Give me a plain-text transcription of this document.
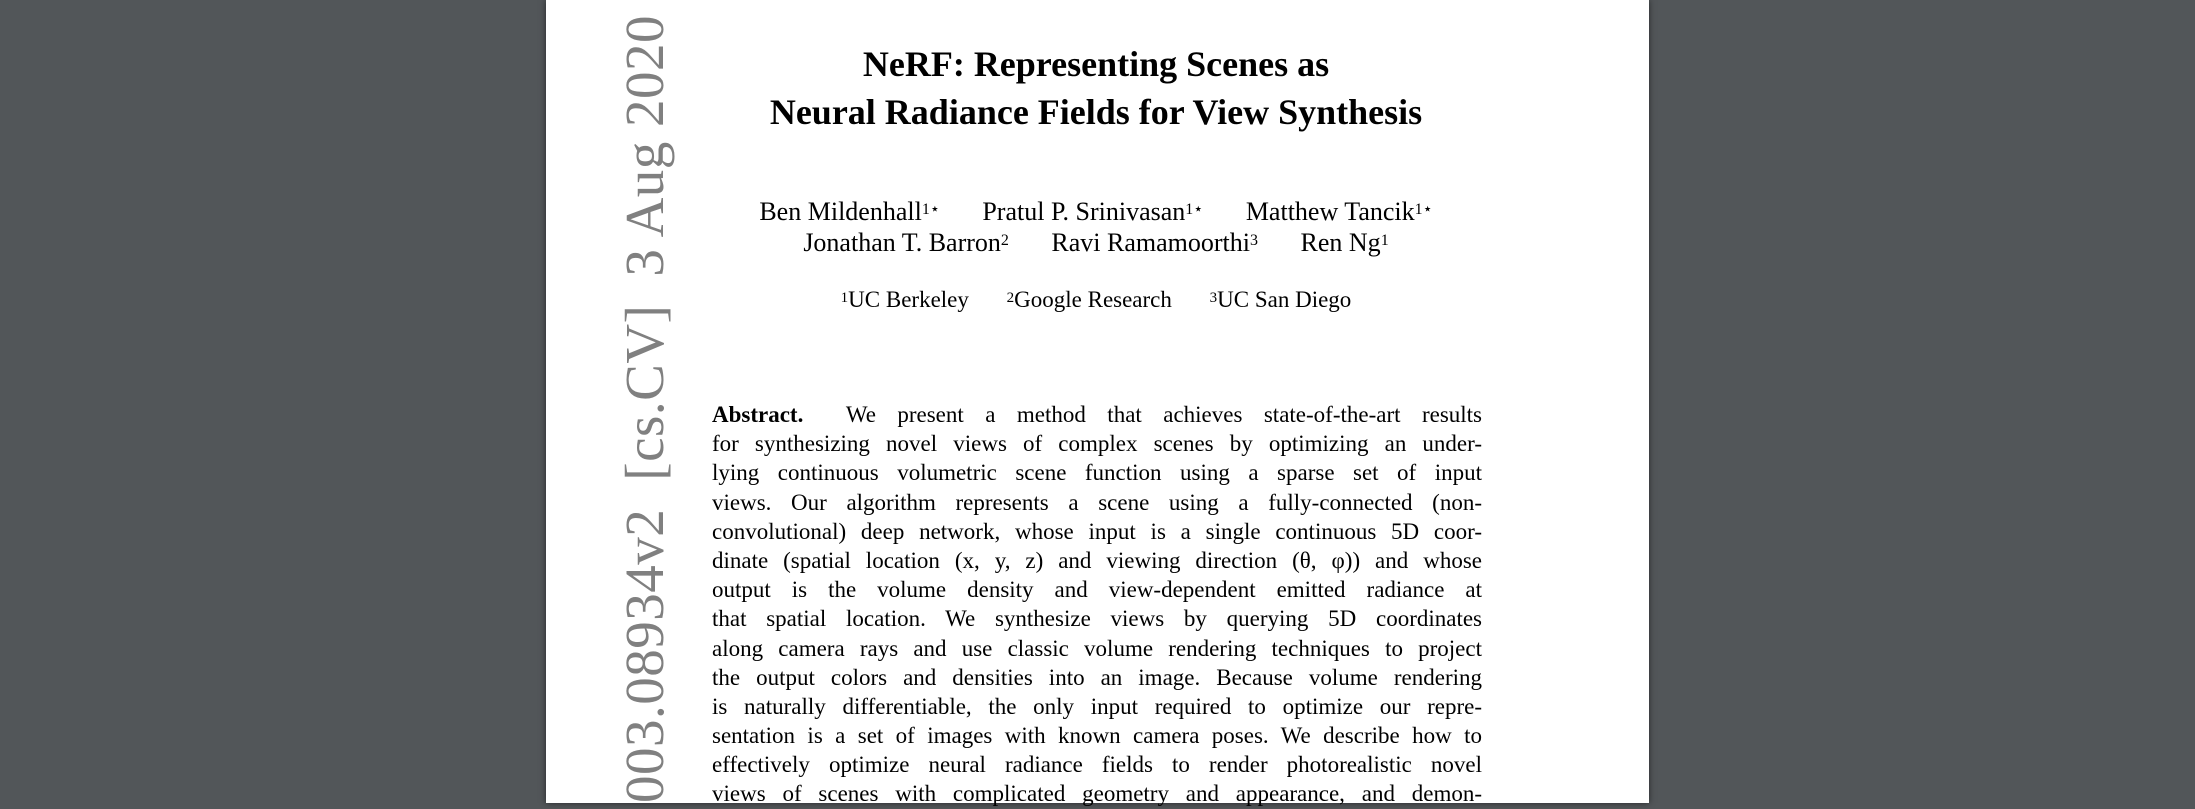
003.08934v2[cs.CV]3 Aug 2020	NeRF: Representing Scenes as
Neural Radiance Fields for View Synthesis
Ben Mildenhall$^{1⋆}$ Pratul P. Srinivasan$^{1⋆}$ Matthew Tancik$^{1⋆}$
Jonathan T. Barron$^2$ Ravi Ramamoorthi$^3$ Ren Ng$^1$
$^1$UC Berkeley	$^2$Google Research	$^3$UC San Diego
Abstract. We present a method that achieves state-of-the-art results
for synthesizing novel views of complex scenes by optimizing an under-
lying continuous volumetric scene function using a sparse set of input
views. Our algorithm represents a scene using a fully-connected (non-
convolutional) deep network, whose input is a single continuous 5D coor-
dinate (spatial location (x, y, z) and viewing direction (θ, φ)) and whose
output is the volume density and view-dependent emitted radiance at
that spatial location. We synthesize views by querying 5D coordinates
along camera rays and use classic volume rendering techniques to project
the output colors and densities into an image. Because volume rendering
is naturally differentiable, the only input required to optimize our repre-
sentation is a set of images with known camera poses. We describe how to
effectively optimize neural radiance fields to render photorealistic novel
views of scenes with complicated geometry and appearance, and demon-
